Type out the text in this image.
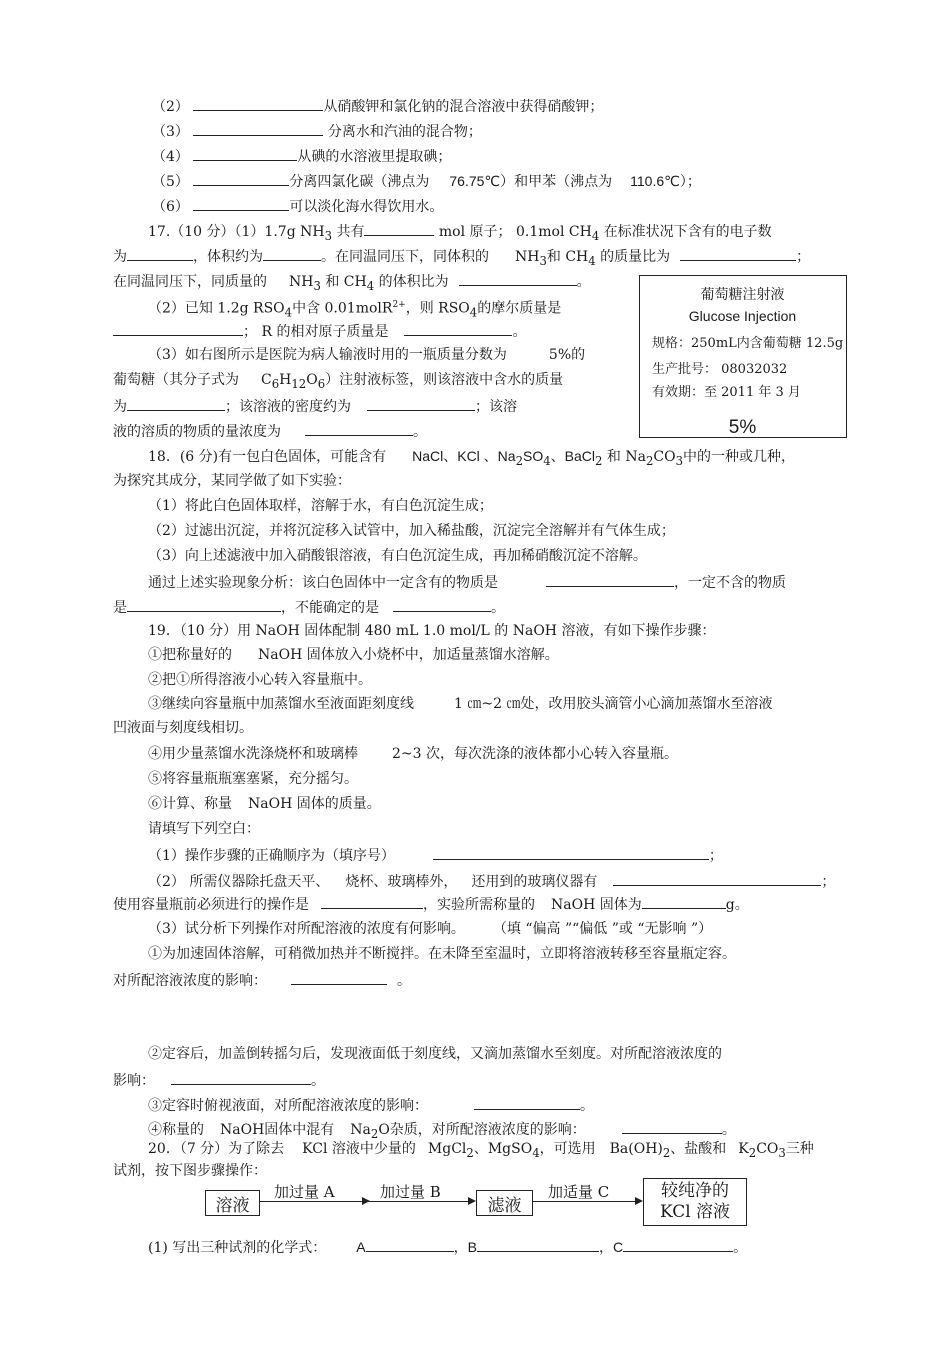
（2）	从硝酸钾和氯化钠的混合溶液中获得硝酸钾；
（3）	分离水和汽油的混合物；
（4）	从碘的水溶液里提取碘；
（5）	分离四氯化碳（沸点为 76.75℃）和甲苯（沸点为 110.6℃）；
（6）	可以淡化海水得饮用水。
17.（10 分）（1）1.7g $NH_3$ 共有	mol 原子； 0.1mol $CH_4$ 在标准状况下含有的电子数
为	，体积约为	。在同温同压下，同体积的 $NH_3$和 $CH_4$ 的质量比为	；
在同温同压下，同质量的 $NH_3$ 和 $CH_4$ 的体积比为	。
（2）已知 1.2g $RSO_4$中含 0.01molR$^{2+}$，则 $RSO_4$的摩尔质量是
； R 的相对原子质量是	。
（3）如右图所示是医院为病人输液时用的一瓶质量分数为	5%的
葡萄糖（其分子式为 $C_6H_{12}O_6$）注射液标签，则该溶液中含水的质量
为	；该溶液的密度约为	；该溶
液的溶质的物质的量浓度为	。
葡萄糖注射液
Glucose Injection
规格：250mL内含葡萄糖 12.5g
生产批号： 08032032
有效期：至 2011 年 3 月
5%
18．(6 分)有一包白色固体，可能含有 NaCl、KCl 、$Na_2SO_4$、BaCl$_2$ 和 $Na_2CO_3$中的一种或几种，
为探究其成分，某同学做了如下实验：
（1）将此白色固体取样，溶解于水，有白色沉淀生成；
（2）过滤出沉淀，并将沉淀移入试管中，加入稀盐酸，沉淀完全溶解并有气体生成；
（3）向上述滤液中加入硝酸银溶液，有白色沉淀生成，再加稀硝酸沉淀不溶解。
通过上述实验现象分析：该白色固体中一定含有的物质是	，一定不含的物质
是	，不能确定的是	。
19．（10 分）用 NaOH 固体配制 480 mL 1.0 mol/L 的 NaOH 溶液，有如下操作步骤：
①把称量好的 NaOH 固体放入小烧杯中，加适量蒸馏水溶解。
②把①所得溶液小心转入容量瓶中。
③继续向容量瓶中加蒸馏水至液面距刻度线	1 ㎝~2 ㎝处，改用胶头滴管小心滴加蒸馏水至溶液
凹液面与刻度线相切。
④用少量蒸馏水洗涤烧杯和玻璃棒 2~3 次，每次洗涤的液体都小心转入容量瓶。
⑤将容量瓶瓶塞塞紧，充分摇匀。
⑥计算、称量 NaOH 固体的质量。
请填写下列空白：
（1）操作步骤的正确顺序为（填序号）	；
（2） 所需仪器除托盘天平、 烧杯、玻璃棒外， 还用到的玻璃仪器有	；
使用容量瓶前必须进行的操作是	，实验所需称量的 NaOH 固体为	g。
（3）试分析下列操作对所配溶液的浓度有何影响。 （填 “偏高 ”“偏低 ”或 “无影响 ”）
①为加速固体溶解，可稍微加热并不断搅拌。在未降至室温时，立即将溶液转移至容量瓶定容。
对所配溶液浓度的影响：	。
②定容后，加盖倒转摇匀后，发现液面低于刻度线，又滴加蒸馏水至刻度。对所配溶液浓度的
影响：	。
③定容时俯视液面，对所配溶液浓度的影响：	。
④称量的 NaOH固体中混有 $Na_2O$杂质，对所配溶液浓度的影响：	。
20．（7 分）为了除去 KCl 溶液中少量的 MgCl$_2$、MgSO$_4$，可选用 $Ba(OH)_2$、盐酸和 $K_2CO_3$三种
试剂，按下图步骤操作：
溶液
加过量 A	加过量 B
滤液
加适量 C	较纯净的
KCl 溶液
(1) 写出三种试剂的化学式： A	，B	，C	。
